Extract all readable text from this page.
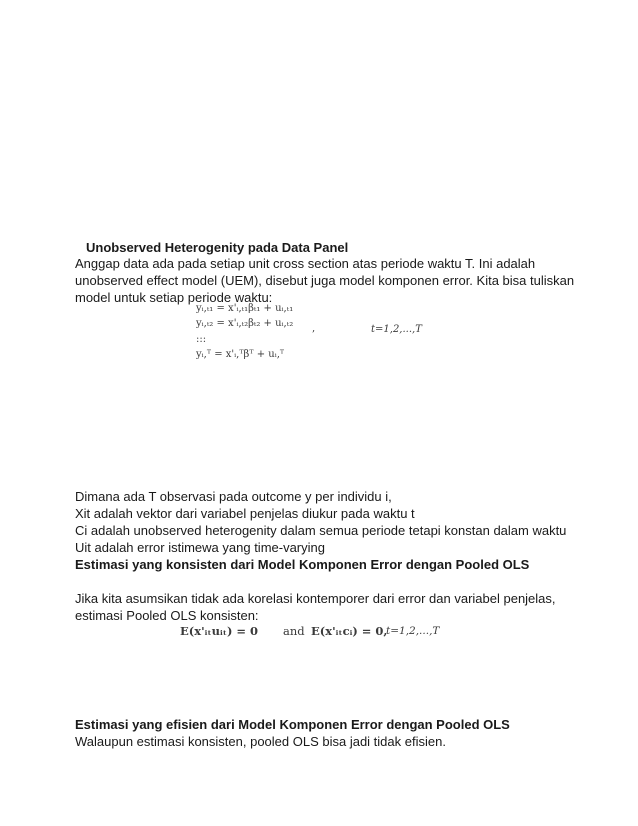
Unobserved Heterogenity pada Data Panel
Anggap data ada pada setiap unit cross section atas periode waktu T. Ini adalah
unobserved effect model (UEM), disebut juga model komponen error. Kita bisa tuliskan
model untuk setiap periode waktu:
yᵢ,ₜ₁ = x'ᵢ,ₜ₁βₜ₁ + uᵢ,ₜ₁
yᵢ,ₜ₂ = x'ᵢ,ₜ₂βₜ₂ + uᵢ,ₜ₂
:::
yᵢ,ᵀ = x'ᵢ,ᵀβᵀ + uᵢ,ᵀ
,	t=1,2,...,T
Dimana ada T observasi pada outcome y per individu i,
Xit adalah vektor dari variabel penjelas diukur pada waktu t
Ci adalah unobserved heterogenity dalam semua periode tetapi konstan dalam waktu
Uit adalah error istimewa yang time-varying
Estimasi yang konsisten dari Model Komponen Error dengan Pooled OLS
Jika kita asumsikan tidak ada korelasi kontemporer dari error dan variabel penjelas,
estimasi Pooled OLS konsisten:
E(x'ᵢₜuᵢₜ) = 0 and E(x'ᵢₜcᵢ) = 0,
t=1,2,...,T
Estimasi yang efisien dari Model Komponen Error dengan Pooled OLS
Walaupun estimasi konsisten, pooled OLS bisa jadi tidak efisien.
